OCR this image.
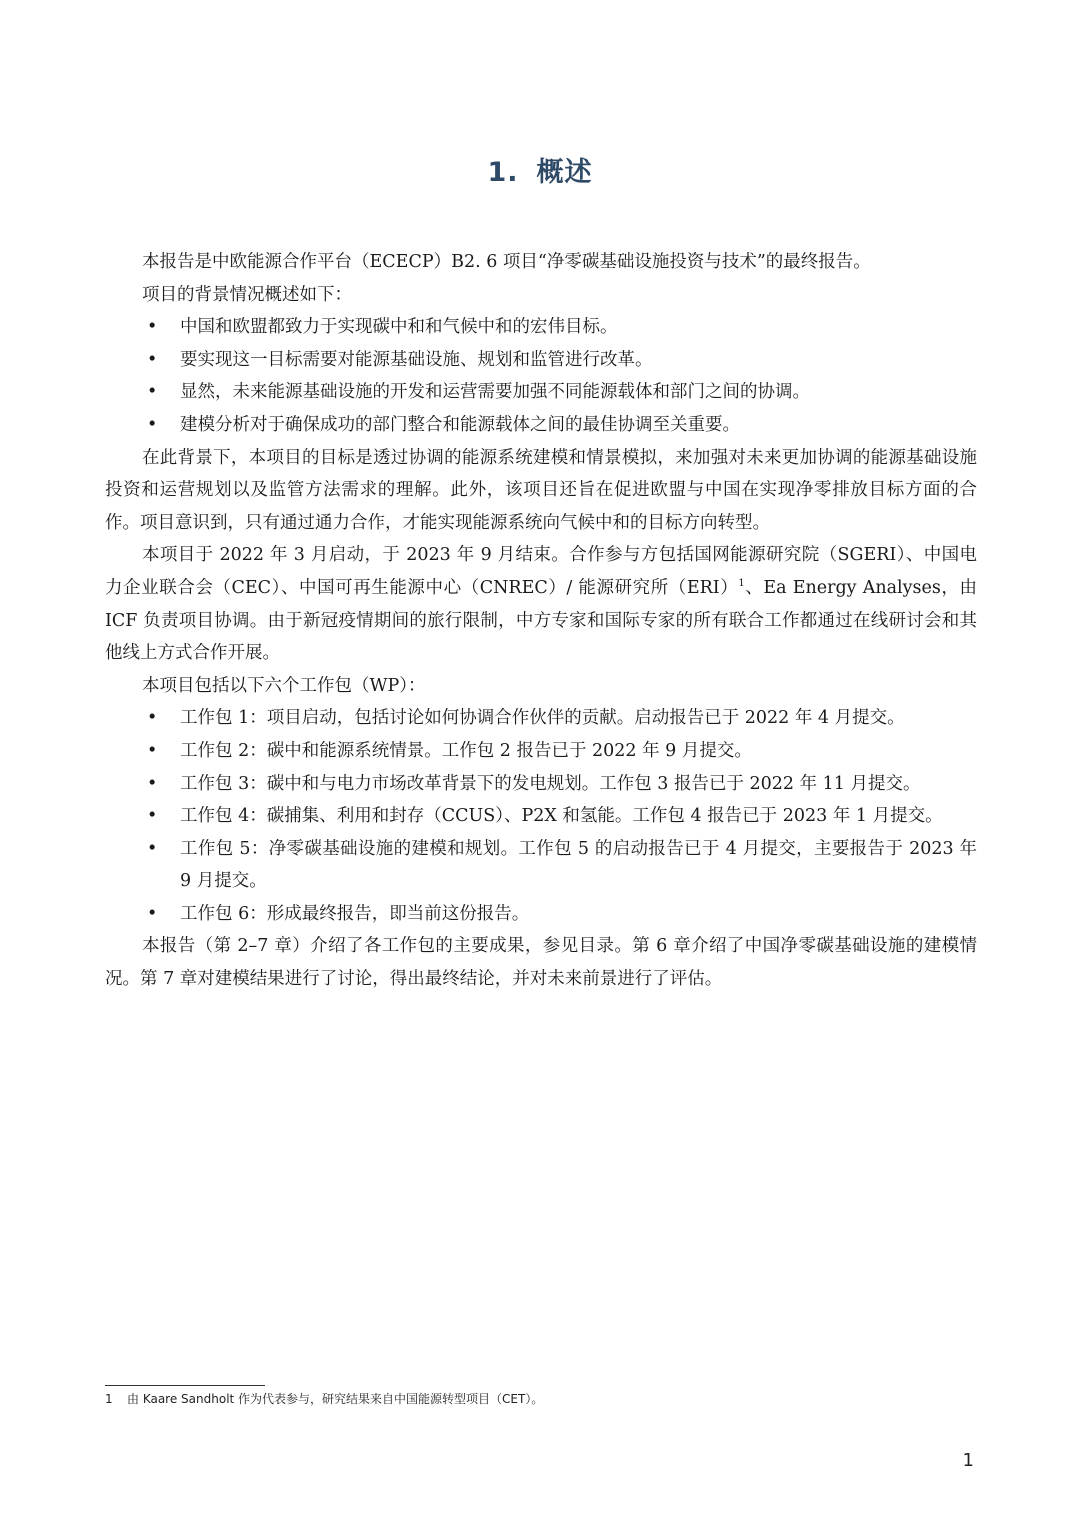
1. 概述

本报告是中欧能源合作平台（ECECP）B2. 6 项目“净零碳基础设施投资与技术”的最终报告。

项目的背景情况概述如下：

• 中国和欧盟都致力于实现碳中和和气候中和的宏伟目标。

• 要实现这一目标需要对能源基础设施、规划和监管进行改革。

• 显然，未来能源基础设施的开发和运营需要加强不同能源载体和部门之间的协调。

• 建模分析对于确保成功的部门整合和能源载体之间的最佳协调至关重要。

在此背景下，本项目的目标是透过协调的能源系统建模和情景模拟，来加强对未来更加协调的能源基础设施投资和运营规划以及监管方法需求的理解。此外，该项目还旨在促进欧盟与中国在实现净零排放目标方面的合作。项目意识到，只有通过通力合作，才能实现能源系统向气候中和的目标方向转型。

本项目于 2022 年 3 月启动，于 2023 年 9 月结束。合作参与方包括国网能源研究院（SGERI）、中国电力企业联合会（CEC）、中国可再生能源中心（CNREC）/ 能源研究所（ERI）$^1$、Ea Energy Analyses，由 ICF 负责项目协调。由于新冠疫情期间的旅行限制，中方专家和国际专家的所有联合工作都通过在线研讨会和其他线上方式合作开展。

本项目包括以下六个工作包（WP）：

• 工作包 1：项目启动，包括讨论如何协调合作伙伴的贡献。启动报告已于 2022 年 4 月提交。

• 工作包 2：碳中和能源系统情景。工作包 2 报告已于 2022 年 9 月提交。

• 工作包 3：碳中和与电力市场改革背景下的发电规划。工作包 3 报告已于 2022 年 11 月提交。

• 工作包 4：碳捕集、利用和封存（CCUS）、P2X 和氢能。工作包 4 报告已于 2023 年 1 月提交。

• 工作包 5：净零碳基础设施的建模和规划。工作包 5 的启动报告已于 4 月提交，主要报告于 2023 年 9 月提交。

• 工作包 6：形成最终报告，即当前这份报告。

本报告（第 2–7 章）介绍了各工作包的主要成果，参见目录。第 6 章介绍了中国净零碳基础设施的建模情况。第 7 章对建模结果进行了讨论，得出最终结论，并对未来前景进行了评估。

1 由 Kaare Sandholt 作为代表参与，研究结果来自中国能源转型项目（CET）。
1
